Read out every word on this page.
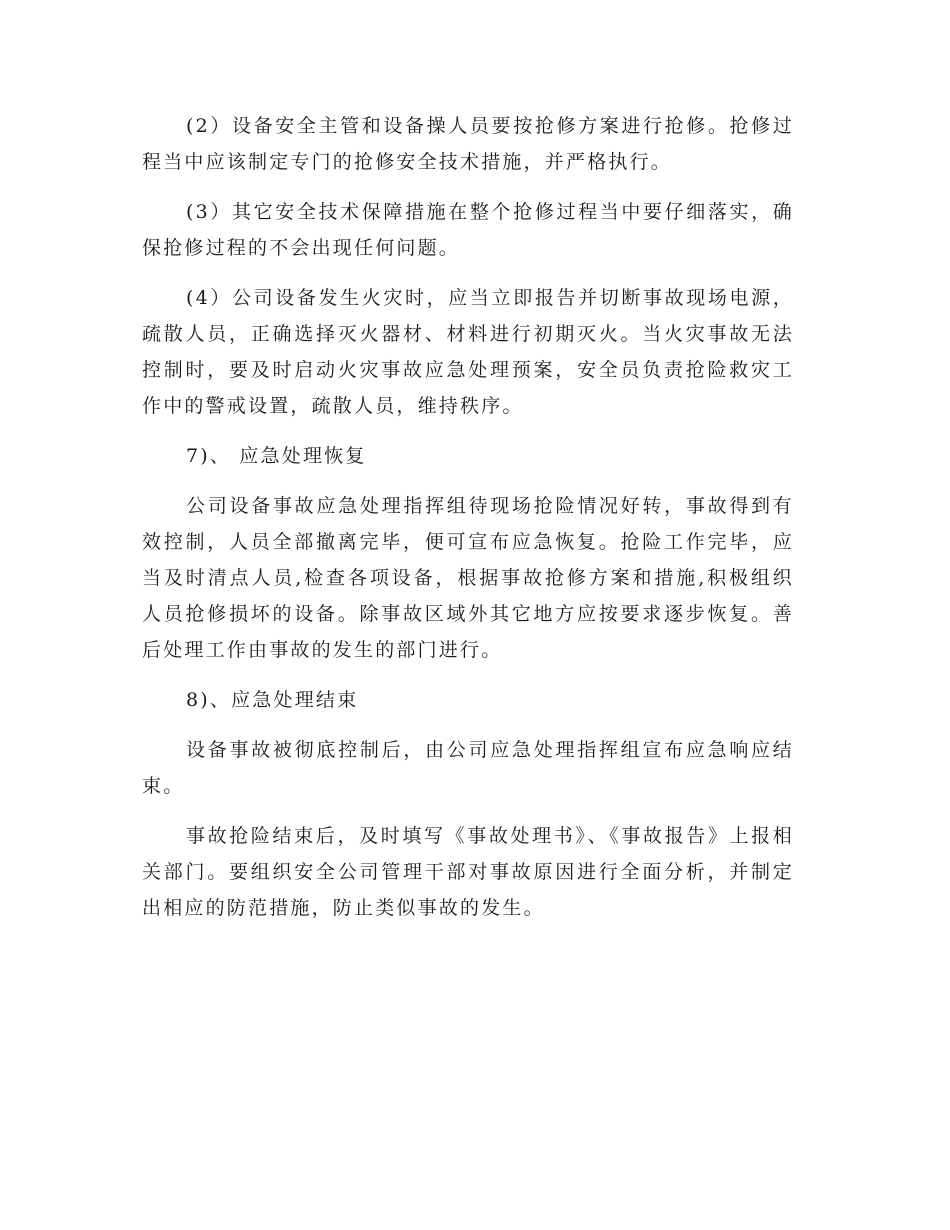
(2）设备安全主管和设备操人员要按抢修方案进行抢修。抢修过程当中应该制定专门的抢修安全技术措施，并严格执行。

(3）其它安全技术保障措施在整个抢修过程当中要仔细落实，确保抢修过程的不会出现任何问题。

(4）公司设备发生火灾时，应当立即报告并切断事故现场电源，疏散人员，正确选择灭火器材、材料进行初期灭火。当火灾事故无法控制时，要及时启动火灾事故应急处理预案，安全员负责抢险救灾工作中的警戒设置，疏散人员，维持秩序。

7)、 应急处理恢复

公司设备事故应急处理指挥组待现场抢险情况好转，事故得到有效控制，人员全部撤离完毕，便可宣布应急恢复。抢险工作完毕，应当及时清点人员,检查各项设备，根据事故抢修方案和措施,积极组织人员抢修损坏的设备。除事故区域外其它地方应按要求逐步恢复。善后处理工作由事故的发生的部门进行。

8)、应急处理结束

设备事故被彻底控制后，由公司应急处理指挥组宣布应急响应结束。

事故抢险结束后，及时填写《事故处理书》、《事故报告》上报相关部门。要组织安全公司管理干部对事故原因进行全面分析，并制定出相应的防范措施，防止类似事故的发生。
